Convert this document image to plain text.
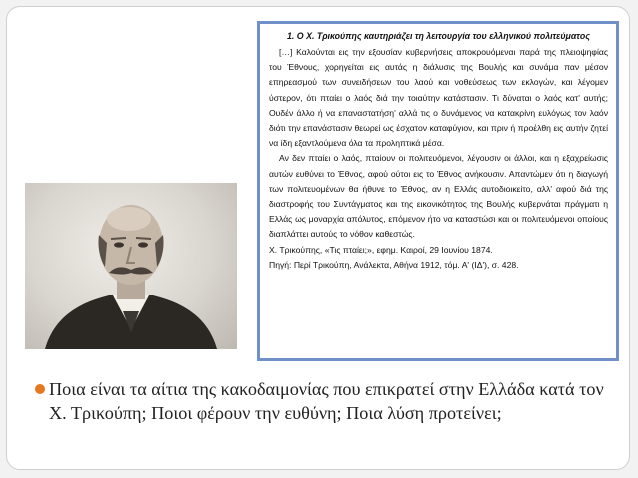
1. Ο Χ. Τρικούπης καυτηριάζει τη λειτουργία του ελληνικού πολιτεύματος

[…] Καλούνται εις την εξουσίαν κυβερνήσεις αποκρουόμεναι παρά της πλειοψηφίας του Έθνους, χορηγείται εις αυτάς η διάλυσις της Βουλής και συνάμα παν μέσον επηρεασμού των συνειδήσεων του λαού και νοθεύσεως των εκλογών, και λέγομεν ύστερον, ότι πταίει ο λαός διά την τοιαύτην κατάστασιν. Τι δύναται ο λαός κατ' αυτής; Ουδέν άλλο ή να επαναστατήση' αλλά τις ο δυνάμενος να κατακρίνη ευλόγως τον λαόν διότι την επανάστασιν θεωρεί ως έσχατον καταφύγιον, και πριν ή προέλθη εις αυτήν ζητεί να ίδη εξαντλούμενα όλα τα προληπτικά μέσα.

Αν δεν πταίει ο λαός, πταίουν οι πολιτευόμενοι, λέγουσιν οι άλλοι, και η εξαχρείωσις αυτών ευθύνει το Έθνος, αφού ούτοι εις το Έθνος ανήκουσιν. Απαντώμεν ότι η διαγωγή των πολιτευομένων θα ήθυνε το Έθνος, αν η Ελλάς αυτοδιοικείτο, αλλ' αφού διά της διαστροφής του Συντάγματος και της εικονικότητος της Βουλής κυβερνάται πράγματι η Ελλάς ως μοναρχία απόλυτος, επόμενον ήτο να καταστώσι και οι πολιτευόμενοι οποίους διαπλάττει αυτούς το νόθον καθεστώς.

Χ. Τρικούπης, «Τις πταίει;», εφημ. Καιροί, 29 Ιουνίου 1874.

Πηγή: Περί Τρικούπη, Ανάλεκτα, Αθήνα 1912, τόμ. Α' (ΙΔ'), σ. 428.

Ποια είναι τα αίτια της κακοδαιμονίας που επικρατεί στην Ελλάδα κατά τον Χ. Τρικούπη; Ποιοι φέρουν την ευθύνη; Ποια λύση προτείνει;
